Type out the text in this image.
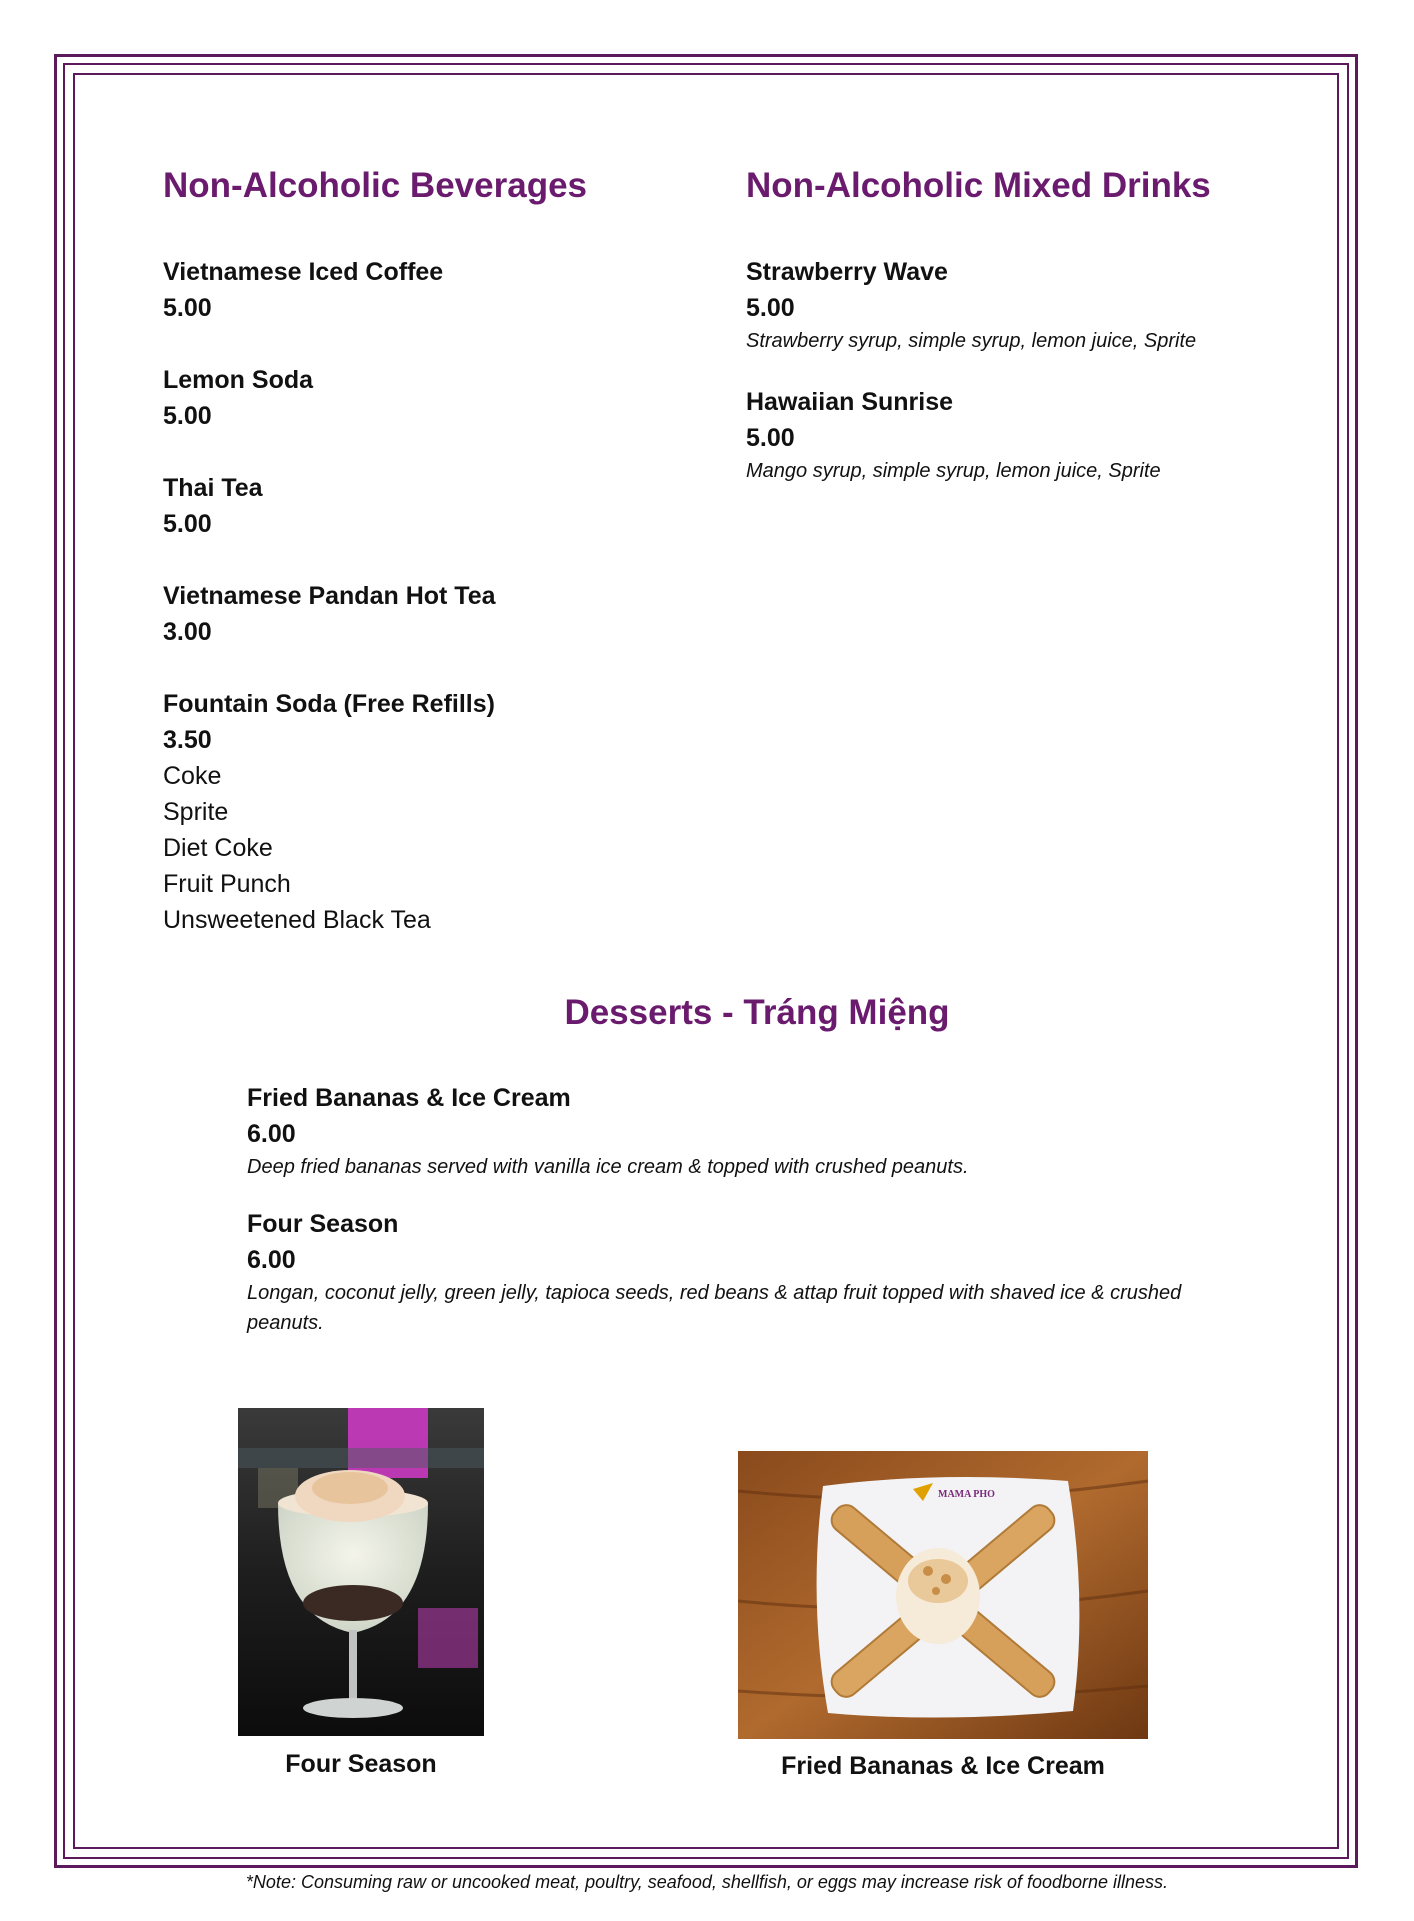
Non-Alcoholic Beverages
Vietnamese Iced Coffee
5.00
Lemon Soda
5.00
Thai Tea
5.00
Vietnamese Pandan Hot Tea
3.00
Fountain Soda (Free Refills)
3.50
Coke
Sprite
Diet Coke
Fruit Punch
Unsweetened Black Tea
Non-Alcoholic Mixed Drinks
Strawberry Wave
5.00
Strawberry syrup, simple syrup, lemon juice, Sprite
Hawaiian Sunrise
5.00
Mango syrup, simple syrup, lemon juice, Sprite
Desserts - Tráng Miệng
Fried Bananas & Ice Cream
6.00
Deep fried bananas served with vanilla ice cream & topped with crushed peanuts.
Four Season
6.00
Longan, coconut jelly, green jelly, tapioca seeds, red beans & attap fruit topped with shaved ice & crushed peanuts.
Four Season
MAMA PHO
Fried Bananas & Ice Cream
*Note: Consuming raw or uncooked meat, poultry, seafood, shellfish, or eggs may increase risk of foodborne illness.
